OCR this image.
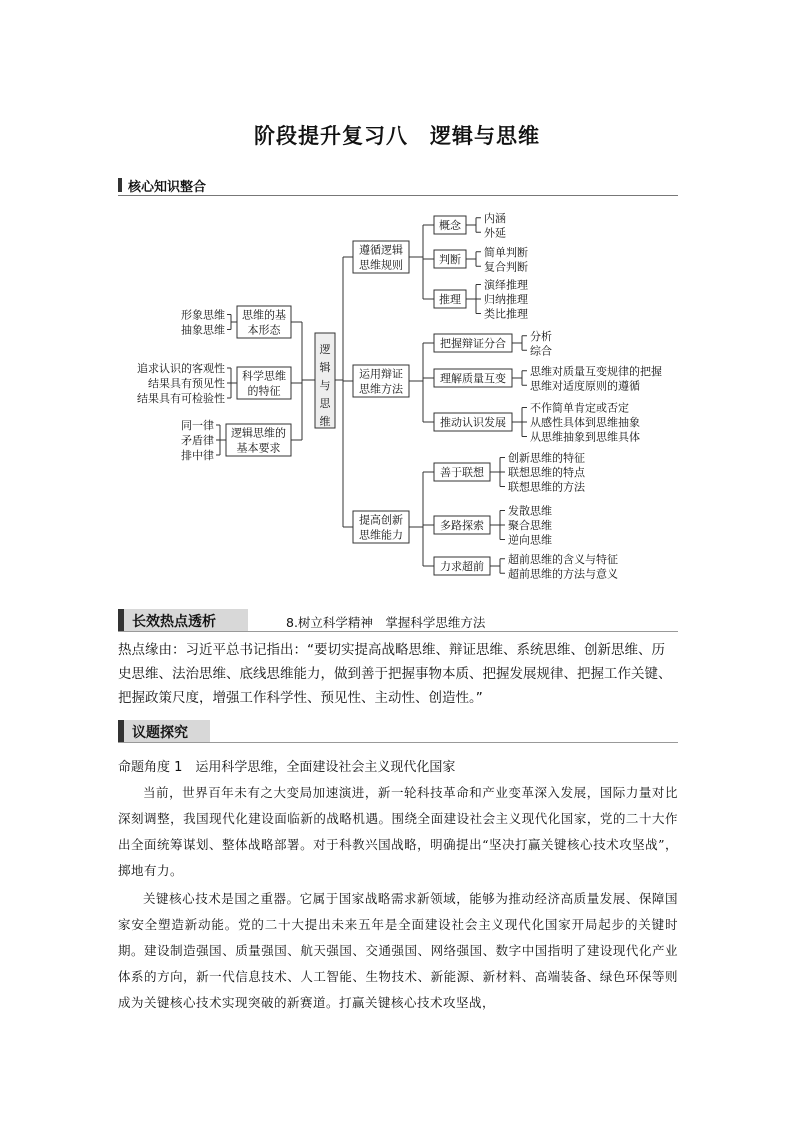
阶段提升复习八　逻辑与思维
核心知识整合
逻
辑
与
思
维
思维的基
本形态
形象思维
抽象思维
科学思维
的特征
追求认识的客观性
结果具有预见性
结果具有可检验性
逻辑思维的
基本要求
同一律
矛盾律
排中律
遵循逻辑
思维规则
概念
内涵
外延
判断
简单判断
复合判断
推理
演绎推理
归纳推理
类比推理
运用辩证
思维方法
把握辩证分合
分析
综合
理解质量互变
思维对质量互变规律的把握
思维对适度原则的遵循
推动认识发展
不作简单肯定或否定
从感性具体到思维抽象
从思维抽象到思维具体
提高创新
思维能力
善于联想
创新思维的特征
联想思维的特点
联想思维的方法
多路探索
发散思维
聚合思维
逆向思维
力求超前
超前思维的含义与特征
超前思维的方法与意义
长效热点透析	8.树立科学精神　掌握科学思维方法
热点缘由：习近平总书记指出：“要切实提高战略思维、辩证思维、系统思维、创新思维、历史思维、法治思维、底线思维能力，做到善于把握事物本质、把握发展规律、把握工作关键、把握政策尺度，增强工作科学性、预见性、主动性、创造性。”
议题探究
命题角度 1　运用科学思维，全面建设社会主义现代化国家
当前，世界百年未有之大变局加速演进，新一轮科技革命和产业变革深入发展，国际力量对比深刻调整，我国现代化建设面临新的战略机遇。围绕全面建设社会主义现代化国家，党的二十大作出全面统筹谋划、整体战略部署。对于科教兴国战略，明确提出“坚决打赢关键核心技术攻坚战”，掷地有力。
关键核心技术是国之重器。它属于国家战略需求新领域，能够为推动经济高质量发展、保障国家安全塑造新动能。党的二十大提出未来五年是全面建设社会主义现代化国家开局起步的关键时期。建设制造强国、质量强国、航天强国、交通强国、网络强国、数字中国指明了建设现代化产业体系的方向，新一代信息技术、人工智能、生物技术、新能源、新材料、高端装备、绿色环保等则成为关键核心技术实现突破的新赛道。打赢关键核心技术攻坚战，
